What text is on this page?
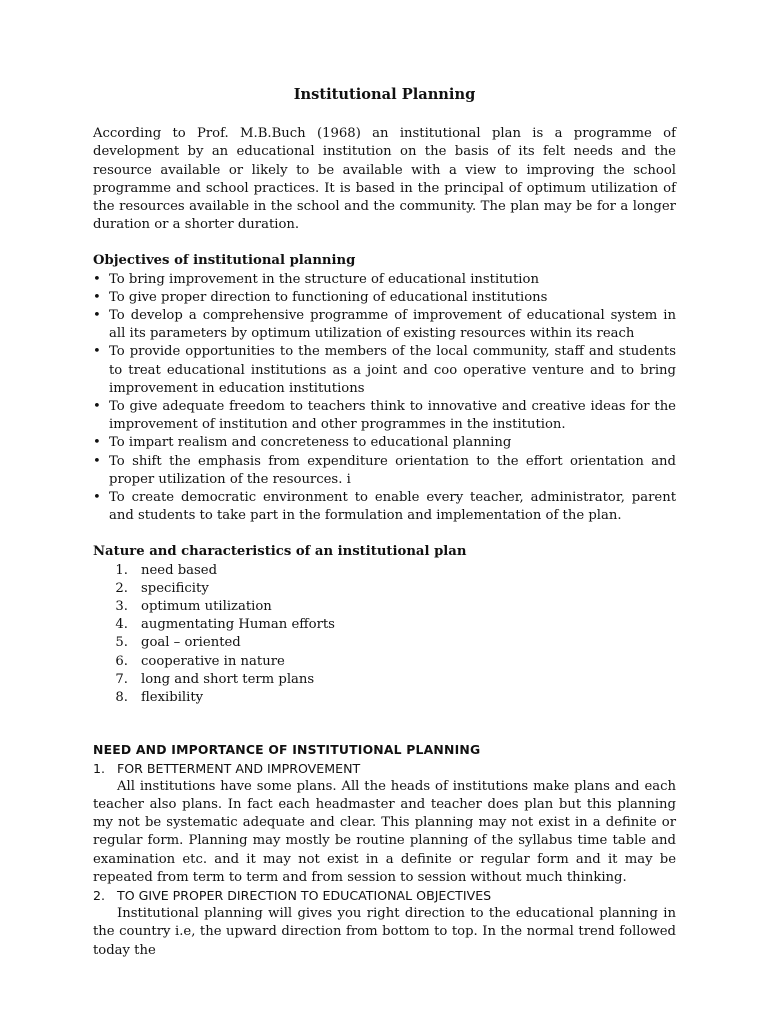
Institutional Planning

According to Prof. M.B.Buch (1968) an institutional plan is a programme of development by an educational institution on the basis of its felt needs and the resource available or likely to be available with a view to improving the school programme and school practices. It is based in the principal of optimum utilization of the resources available in the school and the community. The plan may be for a longer duration or a shorter duration.

Objectives of institutional planning

• To bring improvement in the structure of educational institution
• To give proper direction to functioning of educational institutions
• To develop a comprehensive programme of improvement of educational system in all its parameters by optimum utilization of existing resources within its reach
• To provide opportunities to the members of the local community, staff and students to treat educational institutions as a joint and coo operative venture and to bring improvement in education institutions
• To give adequate freedom to teachers think to innovative and creative ideas for the improvement of institution and other programmes in the institution.
• To impart realism and concreteness to educational planning
• To shift the emphasis from expenditure orientation to the effort orientation and proper utilization of the resources. i
• To create democratic environment to enable every teacher, administrator, parent and students to take part in the formulation and implementation of the plan.

Nature and characteristics of an institutional plan

1. need based
2. specificity
3. optimum utilization
4. augmentating Human efforts
5. goal – oriented
6. cooperative in nature
7. long and short term plans
8. flexibility

NEED AND IMPORTANCE OF INSTITUTIONAL PLANNING

1. FOR BETTERMENT AND IMPROVEMENT

All institutions have some plans. All the heads of institutions make plans and each teacher also plans. In fact each headmaster and teacher does plan but this planning my not be systematic adequate and clear. This planning may not exist in a definite or regular form. Planning may mostly be routine planning of the syllabus time table and examination etc. and it may not exist in a definite or regular form and it may be repeated from term to term and from session to session without much thinking.

2. TO GIVE PROPER DIRECTION TO EDUCATIONAL OBJECTIVES

Institutional planning will gives you right direction to the educational planning in the country i.e, the upward direction from bottom to top. In the normal trend followed today the
